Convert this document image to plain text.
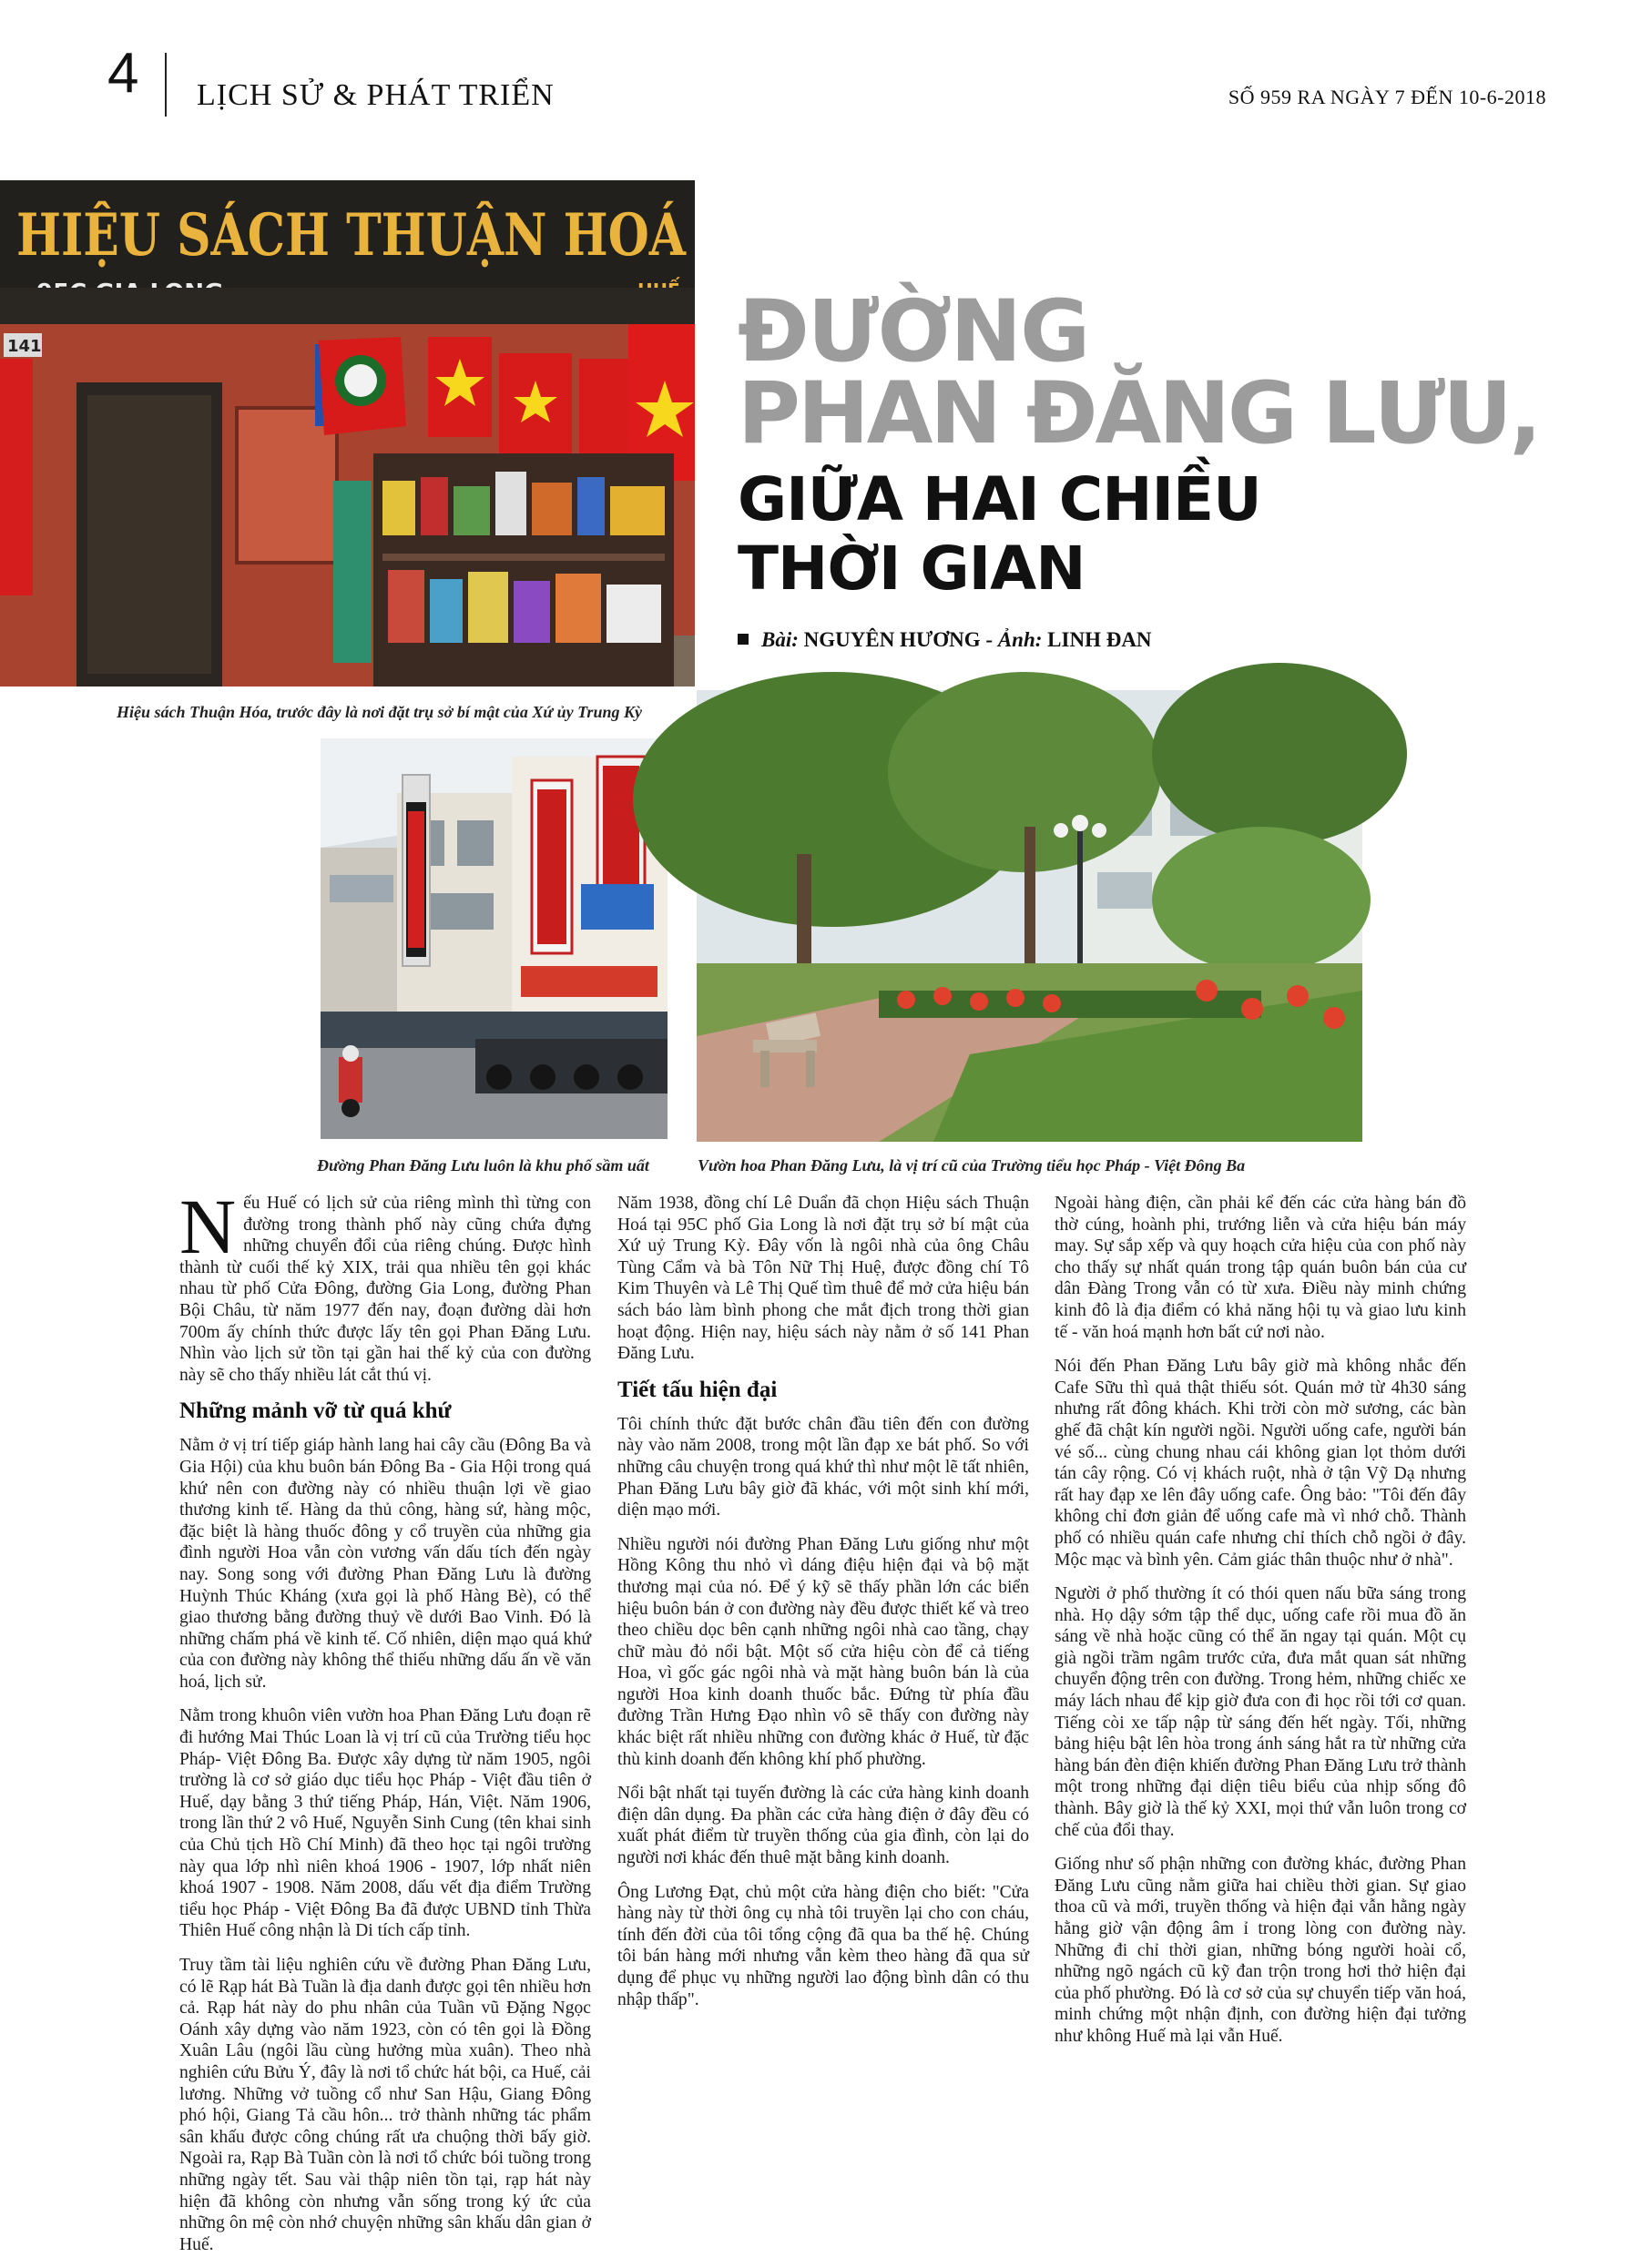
4 LỊCH SỬ & PHÁT TRIỂN	SỐ 959 RA NGÀY 7 ĐẾN 10-6-2018
HIỆU SÁCH THUẬN HOÁ
141
Hiệu sách Thuận Hóa, trước đây là nơi đặt trụ sở bí mật của Xứ ủy Trung Kỳ
Đường Phan Đăng Lưu luôn là khu phố sầm uất	Vườn hoa Phan Đăng Lưu, là vị trí cũ của Trường tiểu học Pháp - Việt Đông Ba
ĐƯỜNG
PHAN ĐĂNG LƯU,
GIỮA HAI CHIỀU
THỜI GIAN
Bài: NGUYÊN HƯƠNG - Ảnh: LINH ĐAN

Nếu Huế có lịch sử của riêng mình thì từng con đường trong thành phố này cũng chứa đựng những chuyển đổi của riêng chúng. Được hình thành từ cuối thế kỷ XIX, trải qua nhiều tên gọi khác nhau từ phố Cửa Đông, đường Gia Long, đường Phan Bội Châu, từ năm 1977 đến nay, đoạn đường dài hơn 700m ấy chính thức được lấy tên gọi Phan Đăng Lưu. Nhìn vào lịch sử tồn tại gần hai thế kỷ của con đường này sẽ cho thấy nhiều lát cắt thú vị.

Những mảnh vỡ từ quá khứ

Nằm ở vị trí tiếp giáp hành lang hai cây cầu (Đông Ba và Gia Hội) của khu buôn bán Đông Ba - Gia Hội trong quá khứ nên con đường này có nhiều thuận lợi về giao thương kinh tế. Hàng da thủ công, hàng sứ, hàng mộc, đặc biệt là hàng thuốc đông y cổ truyền của những gia đình người Hoa vẫn còn vương vấn dấu tích đến ngày nay. Song song với đường Phan Đăng Lưu là đường Huỳnh Thúc Kháng (xưa gọi là phố Hàng Bè), có thể giao thương bằng đường thuỷ về dưới Bao Vinh. Đó là những chấm phá về kinh tế. Cố nhiên, diện mạo quá khứ của con đường này không thể thiếu những dấu ấn về văn hoá, lịch sử.

Nằm trong khuôn viên vườn hoa Phan Đăng Lưu đoạn rẽ đi hướng Mai Thúc Loan là vị trí cũ của Trường tiểu học Pháp- Việt Đông Ba. Được xây dựng từ năm 1905, ngôi trường là cơ sở giáo dục tiểu học Pháp - Việt đầu tiên ở Huế, dạy bằng 3 thứ tiếng Pháp, Hán, Việt. Năm 1906, trong lần thứ 2 vô Huế, Nguyễn Sinh Cung (tên khai sinh của Chủ tịch Hồ Chí Minh) đã theo học tại ngôi trường này qua lớp nhì niên khoá 1906 - 1907, lớp nhất niên khoá 1907 - 1908. Năm 2008, dấu vết địa điểm Trường tiểu học Pháp - Việt Đông Ba đã được UBND tỉnh Thừa Thiên Huế công nhận là Di tích cấp tỉnh.

Truy tầm tài liệu nghiên cứu về đường Phan Đăng Lưu, có lẽ Rạp hát Bà Tuần là địa danh được gọi tên nhiều hơn cả. Rạp hát này do phu nhân của Tuần vũ Đặng Ngọc Oánh xây dựng vào năm 1923, còn có tên gọi là Đồng Xuân Lâu (ngôi lầu cùng hưởng mùa xuân). Theo nhà nghiên cứu Bửu Ý, đây là nơi tổ chức hát bội, ca Huế, cải lương. Những vở tuồng cổ như San Hậu, Giang Đông phó hội, Giang Tả cầu hôn... trở thành những tác phẩm sân khấu được công chúng rất ưa chuộng thời bấy giờ. Ngoài ra, Rạp Bà Tuần còn là nơi tổ chức bói tuồng trong những ngày tết. Sau vài thập niên tồn tại, rạp hát này hiện đã không còn nhưng vẫn sống trong ký ức của những ôn mệ còn nhớ chuyện những sân khấu dân gian ở Huế.

Năm 1938, đồng chí Lê Duẩn đã chọn Hiệu sách Thuận Hoá tại 95C phố Gia Long là nơi đặt trụ sở bí mật của Xứ uỷ Trung Kỳ. Đây vốn là ngôi nhà của ông Châu Tùng Cẩm và bà Tôn Nữ Thị Huệ, được đồng chí Tô Kim Thuyên và Lê Thị Quế tìm thuê để mở cửa hiệu bán sách báo làm bình phong che mắt địch trong thời gian hoạt động. Hiện nay, hiệu sách này nằm ở số 141 Phan Đăng Lưu.

Tiết tấu hiện đại

Tôi chính thức đặt bước chân đầu tiên đến con đường này vào năm 2008, trong một lần đạp xe bát phố. So với những câu chuyện trong quá khứ thì như một lẽ tất nhiên, Phan Đăng Lưu bây giờ đã khác, với một sinh khí mới, diện mạo mới.

Nhiều người nói đường Phan Đăng Lưu giống như một Hồng Kông thu nhỏ vì dáng điệu hiện đại và bộ mặt thương mại của nó. Để ý kỹ sẽ thấy phần lớn các biển hiệu buôn bán ở con đường này đều được thiết kế và treo theo chiều dọc bên cạnh những ngôi nhà cao tầng, chạy chữ màu đỏ nổi bật. Một số cửa hiệu còn để cả tiếng Hoa, vì gốc gác ngôi nhà và mặt hàng buôn bán là của người Hoa kinh doanh thuốc bắc. Đứng từ phía đầu đường Trần Hưng Đạo nhìn vô sẽ thấy con đường này khác biệt rất nhiều những con đường khác ở Huế, từ đặc thù kinh doanh đến không khí phố phường.

Nổi bật nhất tại tuyến đường là các cửa hàng kinh doanh điện dân dụng. Đa phần các cửa hàng điện ở đây đều có xuất phát điểm từ truyền thống của gia đình, còn lại do người nơi khác đến thuê mặt bằng kinh doanh.

Ông Lương Đạt, chủ một cửa hàng điện cho biết: "Cửa hàng này từ thời ông cụ nhà tôi truyền lại cho con cháu, tính đến đời của tôi tổng cộng đã qua ba thế hệ. Chúng tôi bán hàng mới nhưng vẫn kèm theo hàng đã qua sử dụng để phục vụ những người lao động bình dân có thu nhập thấp".

Ngoài hàng điện, cần phải kể đến các cửa hàng bán đồ thờ cúng, hoành phi, trướng liễn và cửa hiệu bán máy may. Sự sắp xếp và quy hoạch cửa hiệu của con phố này cho thấy sự nhất quán trong tập quán buôn bán của cư dân Đàng Trong vẫn có từ xưa. Điều này minh chứng kinh đô là địa điểm có khả năng hội tụ và giao lưu kinh tế - văn hoá mạnh hơn bất cứ nơi nào.

Nói đến Phan Đăng Lưu bây giờ mà không nhắc đến Cafe Sữu thì quả thật thiếu sót. Quán mở từ 4h30 sáng nhưng rất đông khách. Khi trời còn mờ sương, các bàn ghế đã chật kín người ngồi. Người uống cafe, người bán vé số... cùng chung nhau cái không gian lọt thỏm dưới tán cây rộng. Có vị khách ruột, nhà ở tận Vỹ Dạ nhưng rất hay đạp xe lên đây uống cafe. Ông bảo: "Tôi đến đây không chỉ đơn giản để uống cafe mà vì nhớ chỗ. Thành phố có nhiều quán cafe nhưng chỉ thích chỗ ngồi ở đây. Mộc mạc và bình yên. Cảm giác thân thuộc như ở nhà".

Người ở phố thường ít có thói quen nấu bữa sáng trong nhà. Họ dậy sớm tập thể dục, uống cafe rồi mua đồ ăn sáng về nhà hoặc cũng có thể ăn ngay tại quán. Một cụ già ngồi trầm ngâm trước cửa, đưa mắt quan sát những chuyển động trên con đường. Trong hẻm, những chiếc xe máy lách nhau để kịp giờ đưa con đi học rồi tới cơ quan. Tiếng còi xe tấp nập từ sáng đến hết ngày. Tối, những bảng hiệu bật lên hòa trong ánh sáng hắt ra từ những cửa hàng bán đèn điện khiến đường Phan Đăng Lưu trở thành một trong những đại diện tiêu biểu của nhịp sống đô thành. Bây giờ là thế kỷ XXI, mọi thứ vẫn luôn trong cơ chế của đổi thay.

Giống như số phận những con đường khác, đường Phan Đăng Lưu cũng nằm giữa hai chiều thời gian. Sự giao thoa cũ và mới, truyền thống và hiện đại vẫn hằng ngày hằng giờ vận động âm ỉ trong lòng con đường này. Những đi chỉ thời gian, những bóng người hoài cổ, những ngõ ngách cũ kỹ đan trộn trong hơi thở hiện đại của phố phường. Đó là cơ sở của sự chuyển tiếp văn hoá, minh chứng một nhận định, con đường hiện đại tưởng như không Huế mà lại vẫn Huế.
